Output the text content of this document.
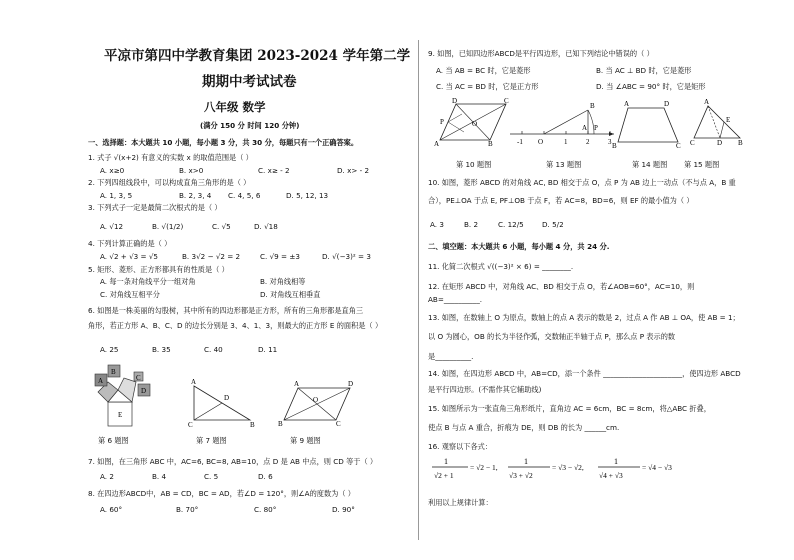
平凉市第四中学教育集团 2023-2024 学年第二学
期期中考试试卷
八年级 数学
(满分 150 分 时间 120 分钟)
一、选择题：本大题共 10 小题，每小题 3 分，共 30 分，每题只有一个正确答案。
1. 式子 √(x+2) 有意义的实数 x 的取值范围是（ ）
A. x≥0	B. x>0	C. x≥ - 2	D. x> - 2
2. 下列四组线段中，可以构成直角三角形的是（ ）
A. 1, 3, 5	B. 2, 3, 4 C. 4, 5, 6	D. 5, 12, 13
3. 下列式子一定是最简二次根式的是（ ）
A. √12	B. √(1/2)	C. √5	D. √18
4. 下列计算正确的是（ ）
A. √2 + √3 = √5	B. 3√2 − √2 = 2	C. √9 = ±3	D. √(−3)² = 3
5. 矩形、菱形、正方形都具有的性质是（ ）
A. 每一条对角线平分一组对角	B. 对角线相等
C. 对角线互相平分	D. 对角线互相垂直
6. 如图是一株美丽的勾股树，其中所有的四边形都是正方形，所有的三角形都是直角三
角形，若正方形 A、B、C、D 的边长分别是 3、4、1、3，则最大的正方形 E 的面积是（ ）
A. 25	B. 35	C. 40	D. 11
A
B
C
D
E
第 6 题图
A
D
C	B
第 7 题图
A	D
B	C
O
第 9 题图
7. 如图，在三角形 ABC 中，AC=6, BC=8, AB=10，点 D 是 AB 中点，则 CD 等于（ ）
A. 2	B. 4	C. 5	D. 6
8. 在四边形ABCD中，AB = CD，BC = AD，若∠D = 120°，则∠A的度数为（ ）
A. 60°	B. 70°	C. 80°	D. 90°
9. 如图，已知四边形ABCD是平行四边形，已知下列结论中错误的（ ）
A. 当 AB = BC 时，它是菱形	B. 当 AC ⊥ BD 时，它是菱形
C. 当 AC = BD 时，它是正方形	D. 当 ∠ABC = 90° 时，它是矩形
D	C
A	B
P	O
第 10 题图
B
A P
-1 O	1	2	3
第 13 题图
A	D
B	C
第 14 题图
A
E
C	D B
第 15 题图
10. 如图，菱形 ABCD 的对角线 AC, BD 相交于点 O，点 P 为 AB 边上一动点（不与点 A，B 重
合），PE⊥OA 于点 E, PF⊥OB 于点 F，若 AC=8，BD=6，则 EF 的最小值为（ ）
A. 3	B. 2	C. 12/5	D. 5/2
二、填空题：本大题共 6 小题，每小题 4 分，共 24 分.
11. 化简二次根式 √((−3)² × 6) = ________.
12. 在矩形 ABCD 中，对角线 AC、BD 相交于点 O，若∠AOB=60°，AC=10，则
AB=__________.
13. 如图，在数轴上 O 为原点，数轴上的点 A 表示的数是 2，过点 A 作 AB ⊥ OA，使 AB = 1；
以 O 为圆心，OB 的长为半径作弧，交数轴正半轴于点 P，那么点 P 表示的数
是__________.
14. 如图，在四边形 ABCD 中，AB=CD，添一个条件 ______________________，使四边形 ABCD
是平行四边形。(不需作其它辅助线)
15. 如图所示为一张直角三角形纸片，直角边 AC = 6cm，BC = 8cm，将△ABC 折叠，
使点 B 与点 A 重合，折痕为 DE，则 DB 的长为 ______cm.
16. 观察以下各式：
1
√2 + 1
= √2 − 1,
1
√3 + √2
= √3 − √2,
1
√4 + √3
= √4 − √3
利用以上规律计算：
